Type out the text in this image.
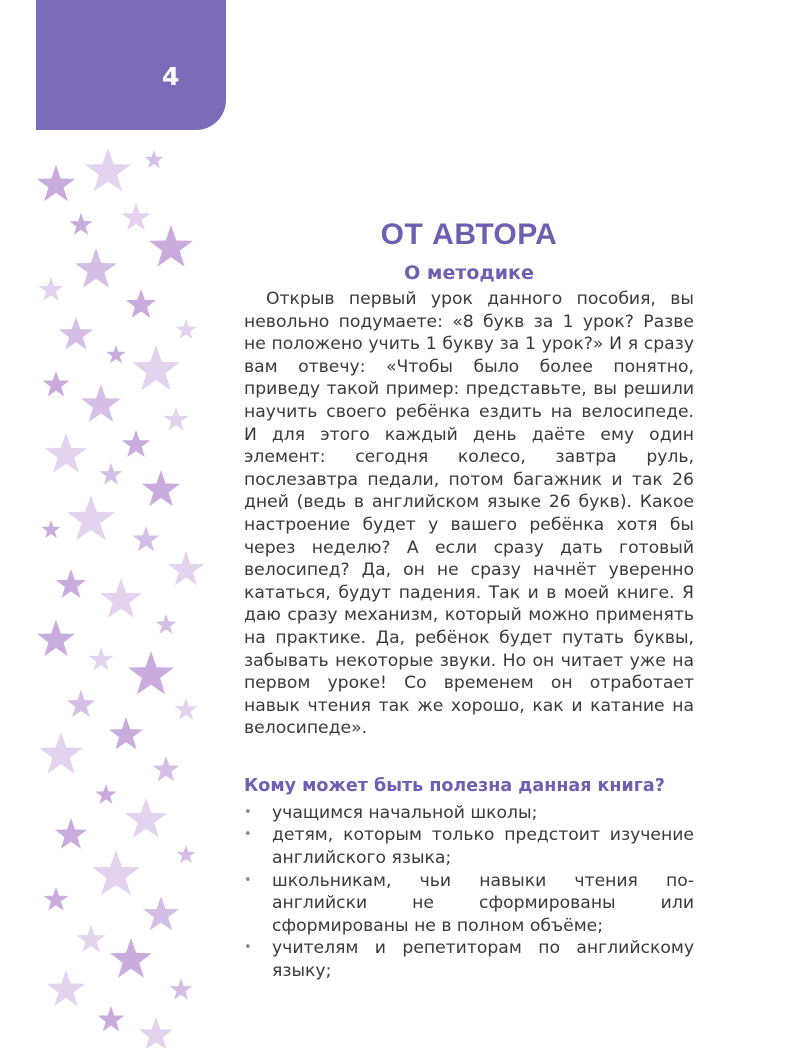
4
ОТ АВТОРА
О методике

Открыв первый урок данного пособия, вы невольно подумаете: «8 букв за 1 урок? Разве не положено учить 1 букву за 1 урок?» И я сразу вам отвечу: «Чтобы было более понятно, приведу такой пример: представьте, вы решили научить своего ребёнка ездить на велосипеде. И для этого каждый день даёте ему один элемент: сегодня колесо, завтра руль, послезавтра педали, потом багажник и так 26 дней (ведь в английском языке 26 букв). Какое настроение будет у вашего ребёнка хотя бы через неделю? А если сразу дать готовый велосипед? Да, он не сразу начнёт уверенно кататься, будут падения. Так и в моей книге. Я даю сразу механизм, который можно применять на практике. Да, ребёнок будет путать буквы, забывать некоторые звуки. Но он читает уже на первом уроке! Со временем он отработает навык чтения так же хорошо, как и катание на велосипеде».

Кому может быть полезна данная книга?
• учащимся начальной школы;
• детям, которым только предстоит изучение английского языка;
• школьникам, чьи навыки чтения по-английски не сформированы или сформированы не в полном объёме;
• учителям и репетиторам по английскому языку;
